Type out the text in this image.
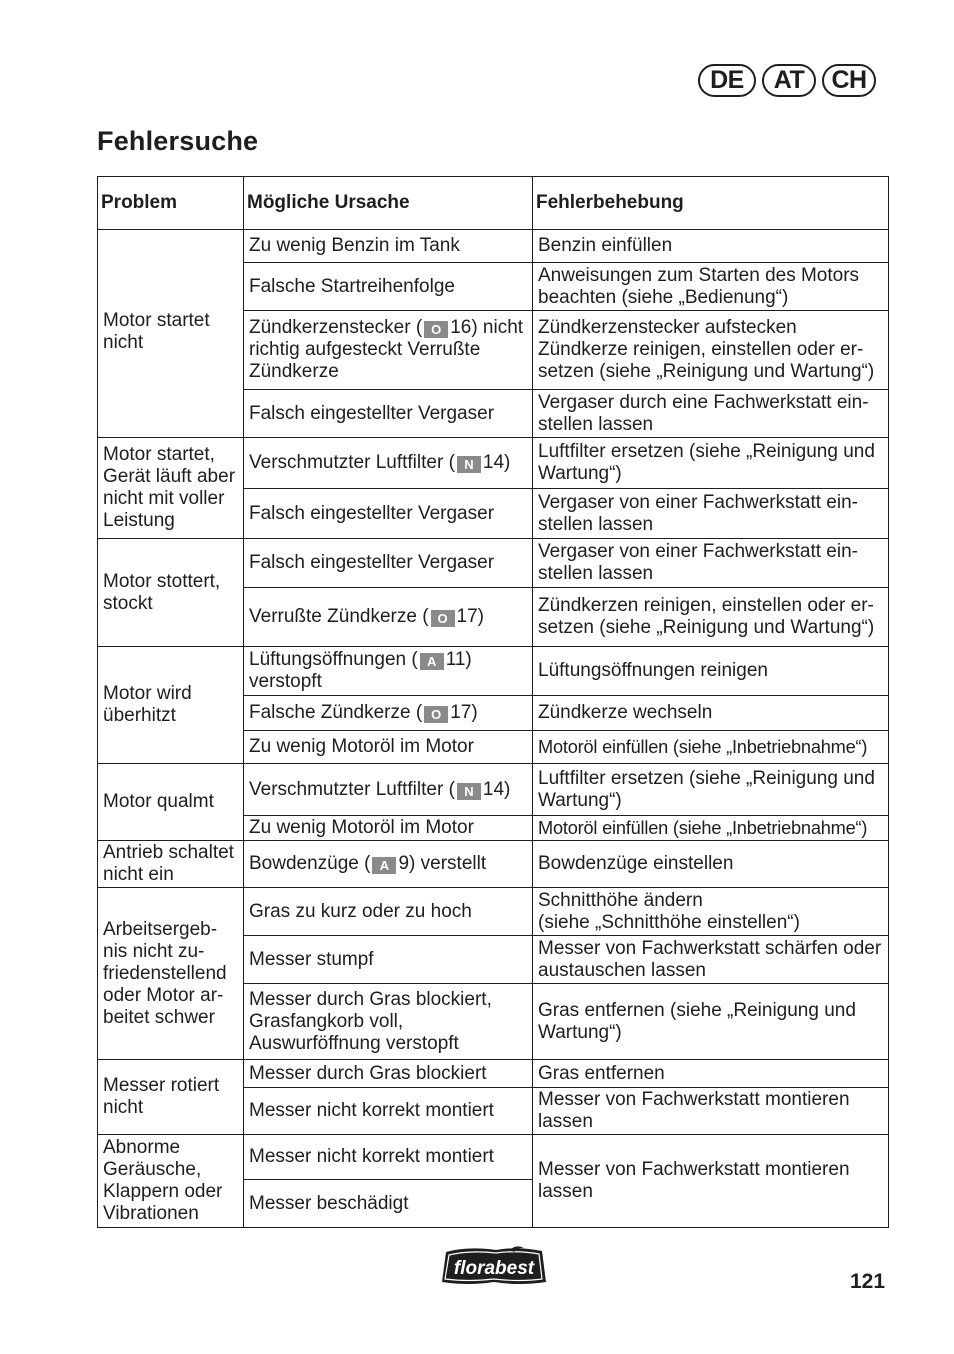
DE	AT	CH
Fehlersuche
Problem	Mögliche Ursache	Fehlerbehebung
Motor startet nicht	Zu wenig Benzin im Tank	Benzin einfüllen
	Falsche Startreihenfolge	Anweisungen zum Starten des Motors beachten (siehe „Bedienung“)
	Zündkerzenstecker ( O 16) nicht richtig aufgesteckt Verrußte Zündkerze	Zündkerzenstecker aufstecken Zündkerze reinigen, einstellen oder er- setzen (siehe „Reinigung und Wartung“)
	Falsch eingestellter Vergaser	Vergaser durch eine Fachwerkstatt ein- stellen lassen
Motor startet, Gerät läuft aber nicht mit voller Leistung	Verschmutzter Luftfilter ( N 14)	Luftfilter ersetzen (siehe „Reinigung und Wartung“)
	Falsch eingestellter Vergaser	Vergaser von einer Fachwerkstatt ein- stellen lassen
Motor stottert, stockt	Falsch eingestellter Vergaser	Vergaser von einer Fachwerkstatt ein- stellen lassen
	Verrußte Zündkerze ( O 17)	Zündkerzen reinigen, einstellen oder er- setzen (siehe „Reinigung und Wartung“)
Motor wird überhitzt	Lüftungsöffnungen ( A 11) verstopft	Lüftungsöffnungen reinigen
	Falsche Zündkerze ( O 17)	Zündkerze wechseln
	Zu wenig Motoröl im Motor	Motoröl einfüllen (siehe „Inbetriebnahme“)
Motor qualmt	Verschmutzter Luftfilter ( N 14)	Luftfilter ersetzen (siehe „Reinigung und Wartung“)
	Zu wenig Motoröl im Motor	Motoröl einfüllen (siehe „Inbetriebnahme“)
Antrieb schaltet nicht ein	Bowdenzüge ( A 9) verstellt	Bowdenzüge einstellen
Arbeitsergeb- nis nicht zu- friedenstellend oder Motor ar- beitet schwer	Gras zu kurz oder zu hoch	Schnitthöhe ändern
(siehe „Schnitthöhe einstellen“)

	Messer stumpf	Messer von Fachwerkstatt schärfen oder austauschen lassen

	Messer durch Gras blockiert,
Grasfangkorb voll,
Auswurföffnung verstopft	Gras entfernen (siehe „Reinigung und Wartung“)
Messer rotiert nicht	Messer durch Gras blockiert	Gras entfernen
	Messer nicht korrekt montiert	Messer von Fachwerkstatt montieren lassen
Abnorme Geräusche, Klappern oder Vibrationen	Messer nicht korrekt montiert	Messer von Fachwerkstatt montieren lassen
	Messer beschädigt	
florabest
121
